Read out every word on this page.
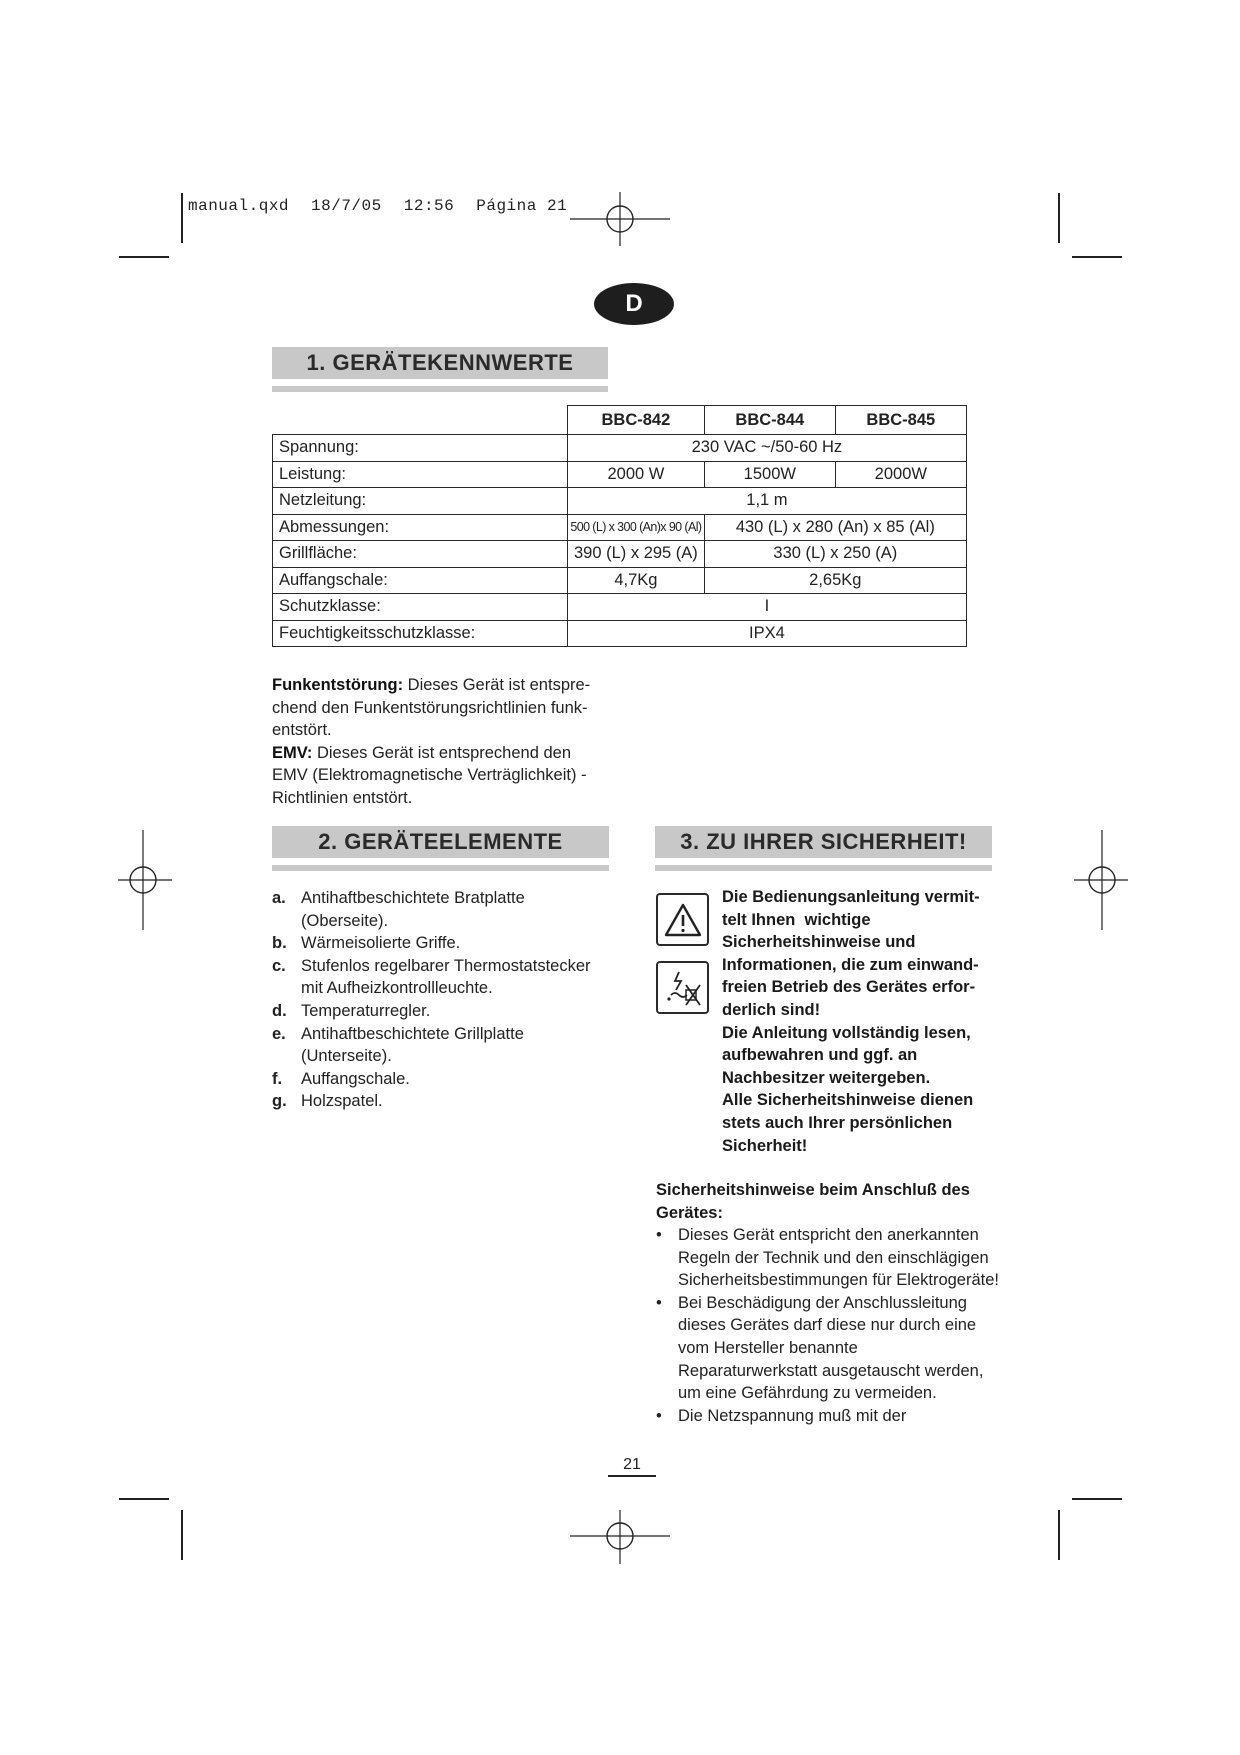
manual.qxd 18/7/05 12:56 Página 21
D
1. GERÄTEKENNWERTE
	BBC-842	BBC-844	BBC-845
Spannung:	230 VAC ~/50-60 Hz		
Leistung:	2000 W	1500W	2000W
Netzleitung:	1,1 m		
Abmessungen:	500 (L) x 300 (An)x 90 (Al)	430 (L) x 280 (An) x 85 (Al)	
Grillfläche:	390 (L) x 295 (A)	330 (L) x 250 (A)	
Auffangschale:	4,7Kg	2,65Kg	
Schutzklasse:	I		
Feuchtigkeitsschutzklasse:	IPX4		
Funkentstörung: Dieses Gerät ist entspre-
chend den Funkentstörungsrichtlinien funk-
entstört.
EMV: Dieses Gerät ist entsprechend den
EMV (Elektromagnetische Verträglichkeit) -
Richtlinien entstört.
2. GERÄTEELEMENTE
a. Antihaftbeschichtete Bratplatte
(Oberseite).
b. Wärmeisolierte Griffe.
c. Stufenlos regelbarer Thermostatstecker
mit Aufheizkontrollleuchte.
d. Temperaturregler.
e. Antihaftbeschichtete Grillplatte
(Unterseite).
f.	Auffangschale.
g. Holzspatel.
3. ZU IHRER SICHERHEIT!
Die Bedienungsanleitung vermit-
telt Ihnen  wichtige
Sicherheitshinweise und
Informationen, die zum einwand-
freien Betrieb des Gerätes erfor-
derlich sind!
Die Anleitung vollständig lesen,
aufbewahren und ggf. an
Nachbesitzer weitergeben.
Alle Sicherheitshinweise dienen
stets auch Ihrer persönlichen
Sicherheit!
Sicherheitshinweise beim Anschluß des
Gerätes:
• Dieses Gerät entspricht den anerkannten
Regeln der Technik und den einschlägigen
Sicherheitsbestimmungen für Elektrogeräte!
• Bei Beschädigung der Anschlussleitung
dieses Gerätes darf diese nur durch eine
vom Hersteller benannte
Reparaturwerkstatt ausgetauscht werden,
um eine Gefährdung zu vermeiden.
• Die Netzspannung muß mit der
21
